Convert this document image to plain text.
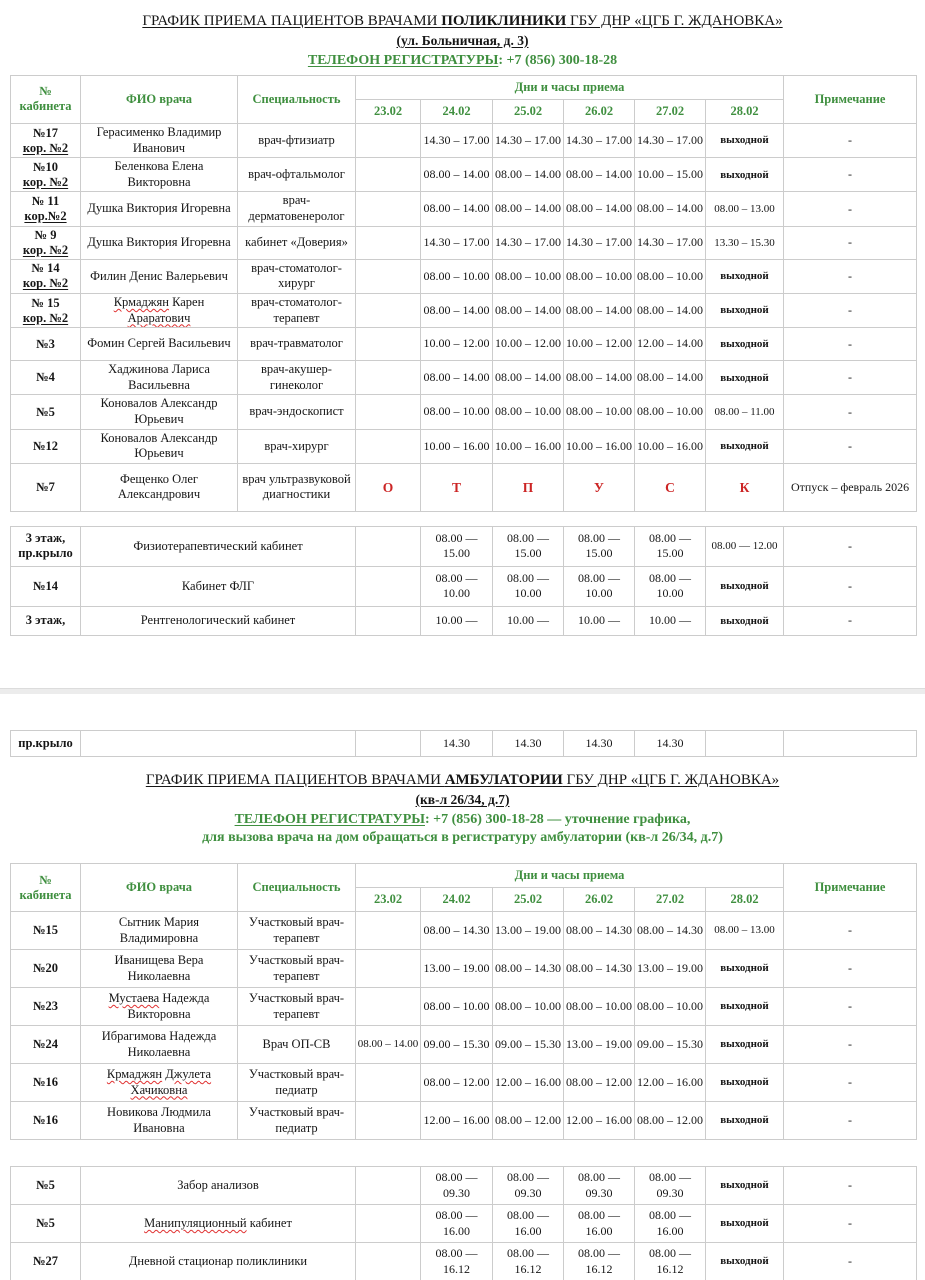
ГРАФИК ПРИЕМА ПАЦИЕНТОВ ВРАЧАМИ ПОЛИКЛИНИКИ ГБУ ДНР «ЦГБ Г. ЖДАНОВКА»
(ул. Больничная, д. 3)
ТЕЛЕФОН РЕГИСТРАТУРЫ: +7 (856) 300-18-28
№ кабинета	ФИО врача	Специальность	Дни и часы приема						Примечание
			23.02	24.02	25.02	26.02	27.02	28.02	

№17
кор. №2	Герасименко Владимир Иванович	врач-фтизиатр		14.30 – 17.00	14.30 – 17.00	14.30 – 17.00	14.30 – 17.00	выходной	-

№10
кор. №2	Беленкова Елена Викторовна	врач-офтальмолог		08.00 – 14.00	08.00 – 14.00	08.00 – 14.00	10.00 – 15.00	выходной	-

№ 11
кор.№2	Душка Виктория Игоревна	врач-дерматовенеролог		08.00 – 14.00	08.00 – 14.00	08.00 – 14.00	08.00 – 14.00	08.00 – 13.00	-

№ 9
кор. №2	Душка Виктория Игоревна	кабинет «Доверия»		14.30 – 17.00	14.30 – 17.00	14.30 – 17.00	14.30 – 17.00	13.30 – 15.30	-

№ 14
кор. №2	Филин Денис Валерьевич	врач-стоматолог-хирург		08.00 – 10.00	08.00 – 10.00	08.00 – 10.00	08.00 – 10.00	выходной	-

№ 15
кор. №2	Крмаджян Карен Араратович	врач-стоматолог-терапевт		08.00 – 14.00	08.00 – 14.00	08.00 – 14.00	08.00 – 14.00	выходной	-

№3	Фомин Сергей Васильевич	врач-травматолог		10.00 – 12.00	10.00 – 12.00	10.00 – 12.00	12.00 – 14.00	выходной	-

№4	Хаджинова Лариса Васильевна	врач-акушер-гинеколог		08.00 – 14.00	08.00 – 14.00	08.00 – 14.00	08.00 – 14.00	выходной	-

№5	Коновалов Александр Юрьевич	врач-эндоскопист		08.00 – 10.00	08.00 – 10.00	08.00 – 10.00	08.00 – 10.00	08.00 – 11.00	-

№12	Коновалов Александр Юрьевич	врач-хирург		10.00 – 16.00	10.00 – 16.00	10.00 – 16.00	10.00 – 16.00	выходной	-

№7	Фещенко Олег Александрович	врач ультразвуковой диагностики	О	Т	П	У	С	К	Отпуск – февраль 2026
3 этаж,
пр.крыло	Физиотерапевтический кабинет		08.00 — 15.00	08.00 — 15.00	08.00 — 15.00	08.00 — 15.00	08.00 — 12.00	-

№14	Кабинет ФЛГ		08.00 — 10.00	08.00 — 10.00	08.00 — 10.00	08.00 — 10.00	выходной	-

3 этаж,	Рентгенологический кабинет		10.00 —	10.00 —	10.00 —	10.00 —	выходной	-
пр.крыло			14.30	14.30	14.30	14.30		
ГРАФИК ПРИЕМА ПАЦИЕНТОВ ВРАЧАМИ АМБУЛАТОРИИ ГБУ ДНР «ЦГБ Г. ЖДАНОВКА»
(кв-л 26/34, д.7)
ТЕЛЕФОН РЕГИСТРАТУРЫ: +7 (856) 300-18-28 — уточнение графика,
для вызова врача на дом обращаться в регистратуру амбулатории (кв-л 26/34, д.7)
№ кабинета	ФИО врача	Специальность	Дни и часы приема						Примечание
			23.02	24.02	25.02	26.02	27.02	28.02	

№15	Сытник Мария Владимировна	Участковый врач-терапевт		08.00 – 14.30	13.00 – 19.00	08.00 – 14.30	08.00 – 14.30	08.00 – 13.00	-

№20	Иванищева Вера Николаевна	Участковый врач-терапевт		13.00 – 19.00	08.00 – 14.30	08.00 – 14.30	13.00 – 19.00	выходной	-

№23	Мустаева Надежда Викторовна	Участковый врач-терапевт		08.00 – 10.00	08.00 – 10.00	08.00 – 10.00	08.00 – 10.00	выходной	-

№24	Ибрагимова Надежда Николаевна	Врач ОП-СВ	08.00 – 14.00	09.00 – 15.30	09.00 – 15.30	13.00 – 19.00	09.00 – 15.30	выходной	-

№16	Крмаджян Джулета Хачиковна	Участковый врач-педиатр		08.00 – 12.00	12.00 – 16.00	08.00 – 12.00	12.00 – 16.00	выходной	-

№16	Новикова Людмила Ивановна	Участковый врач-педиатр		12.00 – 16.00	08.00 – 12.00	12.00 – 16.00	08.00 – 12.00	выходной	-
№5	Забор анализов		08.00 — 09.30	08.00 — 09.30	08.00 — 09.30	08.00 — 09.30	выходной	-

№5	Манипуляционный кабинет		08.00 — 16.00	08.00 — 16.00	08.00 — 16.00	08.00 — 16.00	выходной	-

№27	Дневной стационар поликлиники		08.00 — 16.12	08.00 — 16.12	08.00 — 16.12	08.00 — 16.12	выходной	-
